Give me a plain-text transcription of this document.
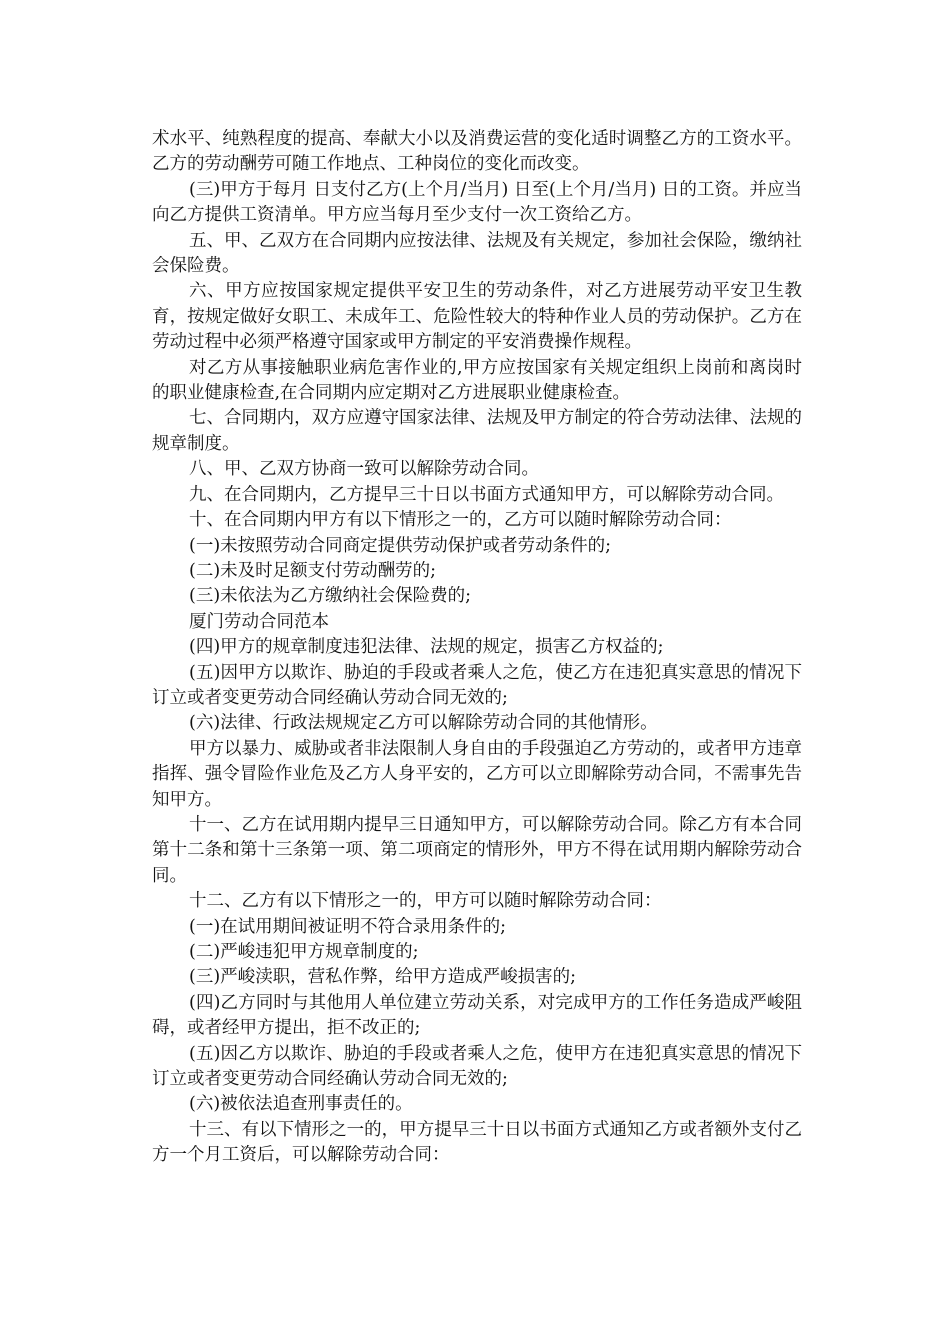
术水平、纯熟程度的提高、奉献大小以及消费运营的变化适时调整乙方的工资水平。乙方的劳动酬劳可随工作地点、工种岗位的变化而改变。

(三)甲方于每月 日支付乙方(上个月/当月) 日至(上个月/当月) 日的工资。并应当向乙方提供工资清单。甲方应当每月至少支付一次工资给乙方。

五、甲、乙双方在合同期内应按法律、法规及有关规定，参加社会保险，缴纳社会保险费。

六、甲方应按国家规定提供平安卫生的劳动条件，对乙方进展劳动平安卫生教育，按规定做好女职工、未成年工、危险性较大的特种作业人员的劳动保护。乙方在劳动过程中必须严格遵守国家或甲方制定的平安消费操作规程。

对乙方从事接触职业病危害作业的,甲方应按国家有关规定组织上岗前和离岗时的职业健康检查,在合同期内应定期对乙方进展职业健康检查。

七、合同期内，双方应遵守国家法律、法规及甲方制定的符合劳动法律、法规的规章制度。

八、甲、乙双方协商一致可以解除劳动合同。

九、在合同期内，乙方提早三十日以书面方式通知甲方，可以解除劳动合同。

十、在合同期内甲方有以下情形之一的，乙方可以随时解除劳动合同：

(一)未按照劳动合同商定提供劳动保护或者劳动条件的;

(二)未及时足额支付劳动酬劳的;

(三)未依法为乙方缴纳社会保险费的;

厦门劳动合同范本

(四)甲方的规章制度违犯法律、法规的规定，损害乙方权益的;

(五)因甲方以欺诈、胁迫的手段或者乘人之危，使乙方在违犯真实意思的情况下订立或者变更劳动合同经确认劳动合同无效的;

(六)法律、行政法规规定乙方可以解除劳动合同的其他情形。

甲方以暴力、威胁或者非法限制人身自由的手段强迫乙方劳动的，或者甲方违章指挥、强令冒险作业危及乙方人身平安的，乙方可以立即解除劳动合同，不需事先告知甲方。

十一、乙方在试用期内提早三日通知甲方，可以解除劳动合同。除乙方有本合同第十二条和第十三条第一项、第二项商定的情形外，甲方不得在试用期内解除劳动合同。

十二、乙方有以下情形之一的，甲方可以随时解除劳动合同：

(一)在试用期间被证明不符合录用条件的;

(二)严峻违犯甲方规章制度的;

(三)严峻渎职，营私作弊，给甲方造成严峻损害的;

(四)乙方同时与其他用人单位建立劳动关系，对完成甲方的工作任务造成严峻阻碍，或者经甲方提出，拒不改正的;

(五)因乙方以欺诈、胁迫的手段或者乘人之危，使甲方在违犯真实意思的情况下订立或者变更劳动合同经确认劳动合同无效的;

(六)被依法追查刑事责任的。

十三、有以下情形之一的，甲方提早三十日以书面方式通知乙方或者额外支付乙方一个月工资后，可以解除劳动合同：
